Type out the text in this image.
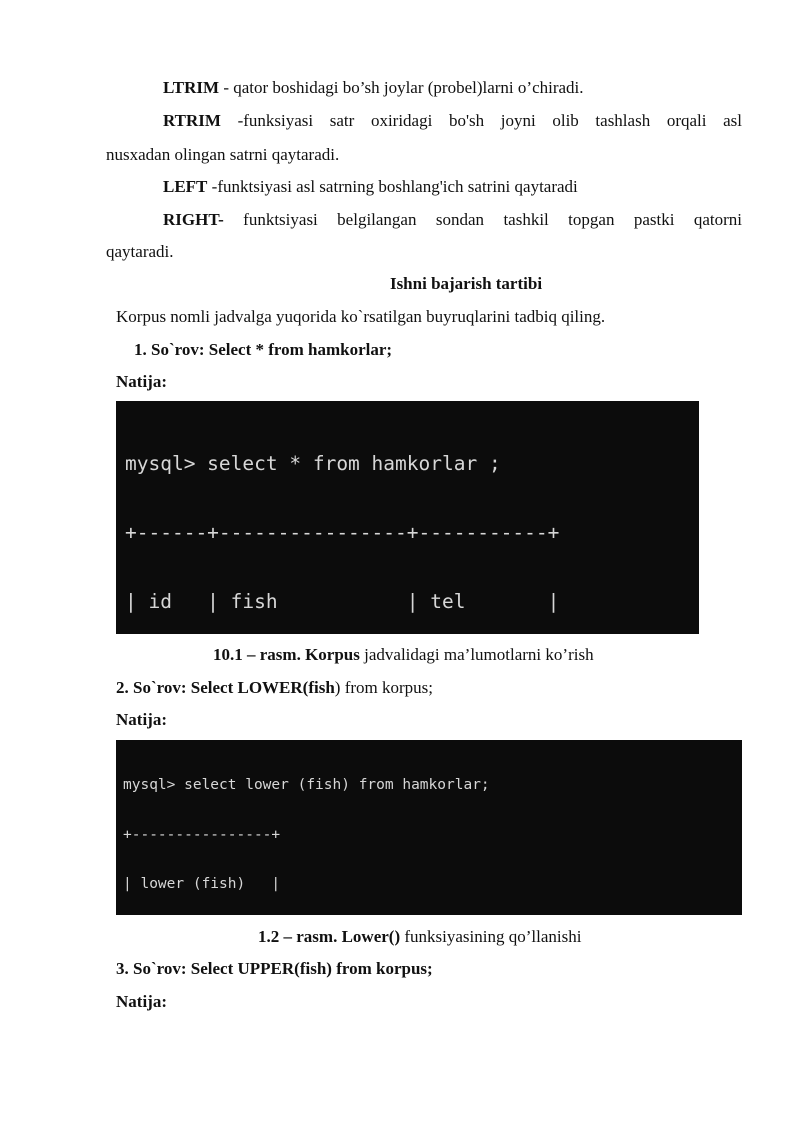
LTRIM - qator boshidagi bo’sh joylar (probel)larni o’chiradi.
RTRIM -funksiyasi satr oxiridagi bo'sh joyni olib tashlash orqali asl
nusxadan olingan satrni qaytaradi.
LEFT -funktsiyasi asl satrning boshlang'ich satrini qaytaradi
RIGHT- funktsiyasi belgilangan sondan tashkil topgan pastki qatorni
qaytaradi.
Ishni bajarish tartibi
Korpus nomli jadvalga yuqorida ko`rsatilgan buyruqlarini tadbiq qiling.
1. So`rov: Select * from hamkorlar;
Natija:

mysql> select * from hamkorlar ;

+------+----------------+-----------+

| id   | fish           | tel       |

10.1 – rasm. Korpus jadvalidagi ma’lumotlarni ko’rish
2. So`rov: Select LOWER(fish) from korpus;
Natija:

mysql> select lower (fish) from hamkorlar;

+----------------+

| lower (fish)   |

1.2 – rasm. Lower() funksiyasining qo’llanishi
3. So`rov: Select UPPER(fish) from korpus;
Natija:
